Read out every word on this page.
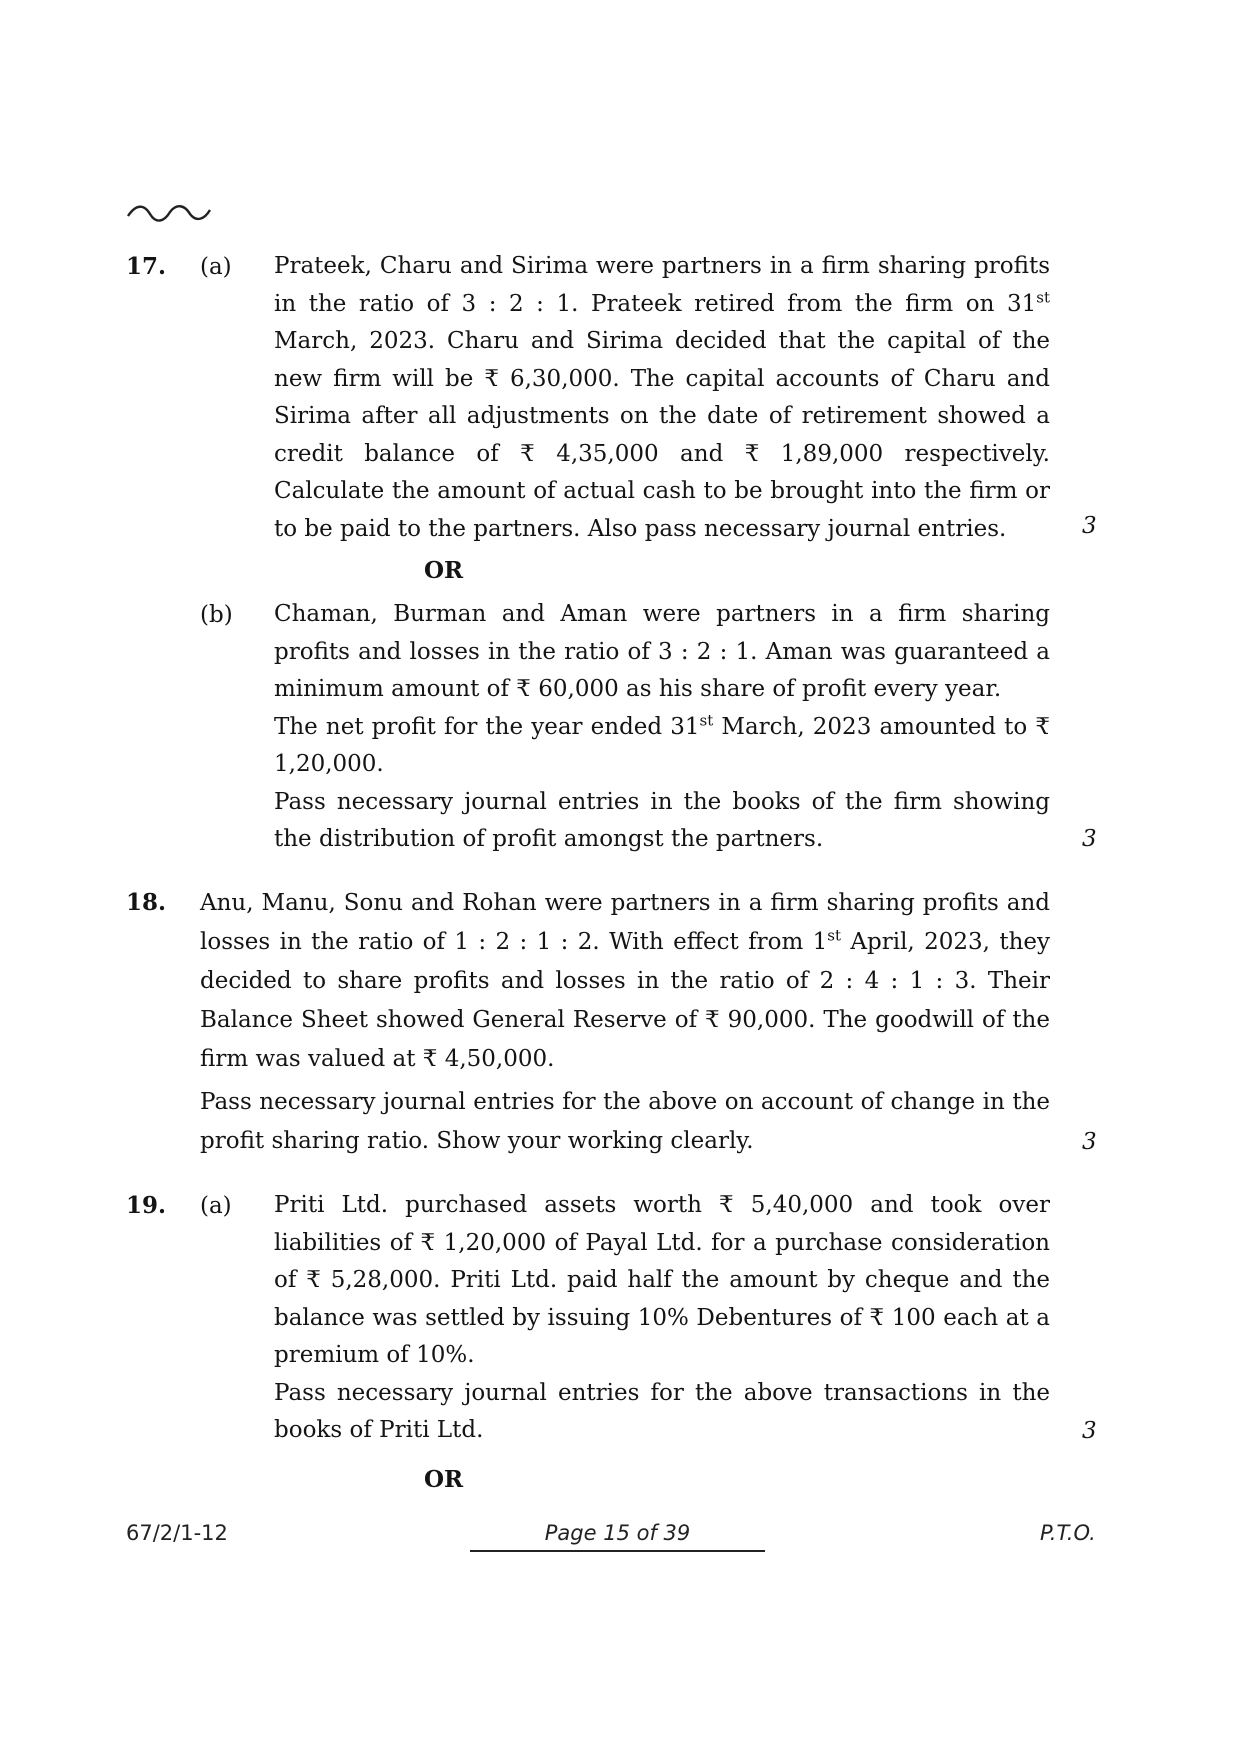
17. (a) Prateek, Charu and Sirima were partners in a firm sharing profits in the ratio of 3 : 2 : 1. Prateek retired from the firm on 31st March, 2023. Charu and Sirima decided that the capital of the new firm will be ₹ 6,30,000. The capital accounts of Charu and Sirima after all adjustments on the date of retirement showed a credit balance of ₹ 4,35,000 and ₹ 1,89,000 respectively. Calculate the amount of actual cash to be brought into the firm or to be paid to the partners. Also pass necessary journal entries.	3
OR
(b) Chaman, Burman and Aman were partners in a firm sharing profits and losses in the ratio of 3 : 2 : 1. Aman was guaranteed a minimum amount of ₹ 60,000 as his share of profit every year.

The net profit for the year ended 31st March, 2023 amounted to ₹ 1,20,000.

Pass necessary journal entries in the books of the firm showing the distribution of profit amongst the partners.	3
18. Anu, Manu, Sonu and Rohan were partners in a firm sharing profits and losses in the ratio of 1 : 2 : 1 : 2. With effect from 1st April, 2023, they decided to share profits and losses in the ratio of 2 : 4 : 1 : 3. Their Balance Sheet showed General Reserve of ₹ 90,000. The goodwill of the firm was valued at ₹ 4,50,000.

Pass necessary journal entries for the above on account of change in the profit sharing ratio. Show your working clearly.	3
19. (a) Priti Ltd. purchased assets worth ₹ 5,40,000 and took over liabilities of ₹ 1,20,000 of Payal Ltd. for a purchase consideration of ₹ 5,28,000. Priti Ltd. paid half the amount by cheque and the balance was settled by issuing 10% Debentures of ₹ 100 each at a premium of 10%.

Pass necessary journal entries for the above transactions in the books of Priti Ltd.	3
OR
67/2/1-12	Page 15 of 39	P.T.O.
